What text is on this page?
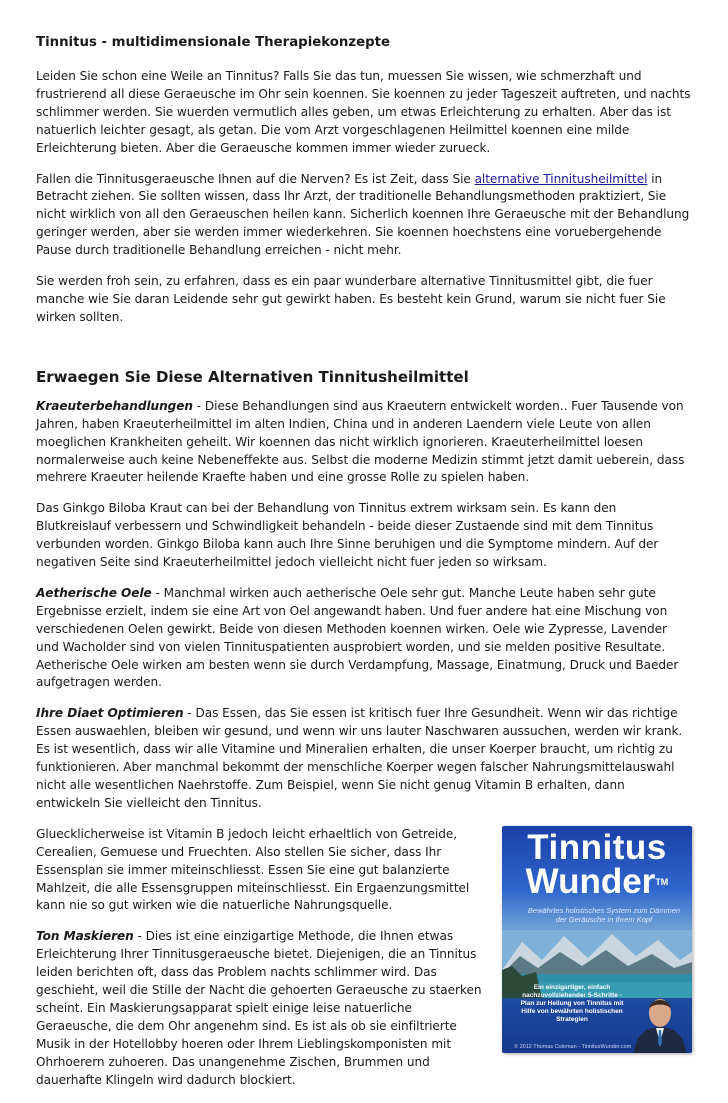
Tinnitus - multidimensionale Therapiekonzepte

Leiden Sie schon eine Weile an Tinnitus? Falls Sie das tun, muessen Sie wissen, wie schmerzhaft und frustrierend all diese Geraeusche im Ohr sein koennen. Sie koennen zu jeder Tageszeit auftreten, und nachts schlimmer werden. Sie wuerden vermutlich alles geben, um etwas Erleichterung zu erhalten. Aber das ist natuerlich leichter gesagt, als getan. Die vom Arzt vorgeschlagenen Heilmittel koennen eine milde Erleichterung bieten. Aber die Geraeusche kommen immer wieder zurueck.

Fallen die Tinnitusgeraeusche Ihnen auf die Nerven? Es ist Zeit, dass Sie alternative Tinnitusheilmittel in Betracht ziehen. Sie sollten wissen, dass Ihr Arzt, der traditionelle Behandlungsmethoden praktiziert, Sie nicht wirklich von all den Geraeuschen heilen kann. Sicherlich koennen Ihre Geraeusche mit der Behandlung geringer werden, aber sie werden immer wiederkehren. Sie koennen hoechstens eine voruebergehende Pause durch traditionelle Behandlung erreichen - nicht mehr.

Sie werden froh sein, zu erfahren, dass es ein paar wunderbare alternative Tinnitusmittel gibt, die fuer manche wie Sie daran Leidende sehr gut gewirkt haben. Es besteht kein Grund, warum sie nicht fuer Sie wirken sollten.

Erwaegen Sie Diese Alternativen Tinnitusheilmittel

Kraeuterbehandlungen - Diese Behandlungen sind aus Kraeutern entwickelt worden.. Fuer Tausende von Jahren, haben Kraeuterheilmittel im alten Indien, China und in anderen Laendern viele Leute von allen moeglichen Krankheiten geheilt. Wir koennen das nicht wirklich ignorieren. Kraeuterheilmittel loesen normalerweise auch keine Nebeneffekte aus. Selbst die moderne Medizin stimmt jetzt damit ueberein, dass mehrere Kraeuter heilende Kraefte haben und eine grosse Rolle zu spielen haben.

Das Ginkgo Biloba Kraut can bei der Behandlung von Tinnitus extrem wirksam sein. Es kann den Blutkreislauf verbessern und Schwindligkeit behandeln - beide dieser Zustaende sind mit dem Tinnitus verbunden worden. Ginkgo Biloba kann auch Ihre Sinne beruhigen und die Symptome mindern. Auf der negativen Seite sind Kraeuterheilmittel jedoch vielleicht nicht fuer jeden so wirksam.

Aetherische Oele - Manchmal wirken auch aetherische Oele sehr gut. Manche Leute haben sehr gute Ergebnisse erzielt, indem sie eine Art von Oel angewandt haben. Und fuer andere hat eine Mischung von verschiedenen Oelen gewirkt. Beide von diesen Methoden koennen wirken. Oele wie Zypresse, Lavender und Wacholder sind von vielen Tinnituspatienten ausprobiert worden, und sie melden positive Resultate. Aetherische Oele wirken am besten wenn sie durch Verdampfung, Massage, Einatmung, Druck und Baeder aufgetragen werden.

Ihre Diaet Optimieren - Das Essen, das Sie essen ist kritisch fuer Ihre Gesundheit. Wenn wir das richtige Essen auswaehlen, bleiben wir gesund, und wenn wir uns lauter Naschwaren aussuchen, werden wir krank. Es ist wesentlich, dass wir alle Vitamine und Mineralien erhalten, die unser Koerper braucht, um richtig zu funktionieren. Aber manchmal bekommt der menschliche Koerper wegen falscher Nahrungsmittelauswahl nicht alle wesentlichen Naehrstoffe. Zum Beispiel, wenn Sie nicht genug Vitamin B erhalten, dann entwickeln Sie vielleicht den Tinnitus.

Tinnitus
Wunder™
Bewährtes holistisches System zum Dämmen der Geräusche in Ihrem Kopf
Ein einzigartiger, einfach nachzuvollziehender 5-Schritte -Plan zur Heilung von Tinnitus mit Hilfe von bewährten holistischen Strategien
© 2012 Thomas Coleman - TinnitusWunder.com

Gluecklicherweise ist Vitamin B jedoch leicht erhaeltlich von Getreide, Cerealien, Gemuese und Fruechten. Also stellen Sie sicher, dass Ihr Essensplan sie immer miteinschliesst. Essen Sie eine gut balanzierte Mahlzeit, die alle Essensgruppen miteinschliesst. Ein Ergaenzungsmittel kann nie so gut wirken wie die natuerliche Nahrungsquelle.

Ton Maskieren - Dies ist eine einzigartige Methode, die Ihnen etwas Erleichterung Ihrer Tinnitusgeraeusche bietet. Diejenigen, die an Tinnitus leiden berichten oft, dass das Problem nachts schlimmer wird. Das geschieht, weil die Stille der Nacht die gehoerten Geraeusche zu staerken scheint. Ein Maskierungsapparat spielt einige leise natuerliche Geraeusche, die dem Ohr angenehm sind. Es ist als ob sie einfiltrierte Musik in der Hotellobby hoeren oder Ihrem Lieblingskomponisten mit Ohrhoerern zuhoeren. Das unangenehme Zischen, Brummen und dauerhafte Klingeln wird dadurch blockiert.
